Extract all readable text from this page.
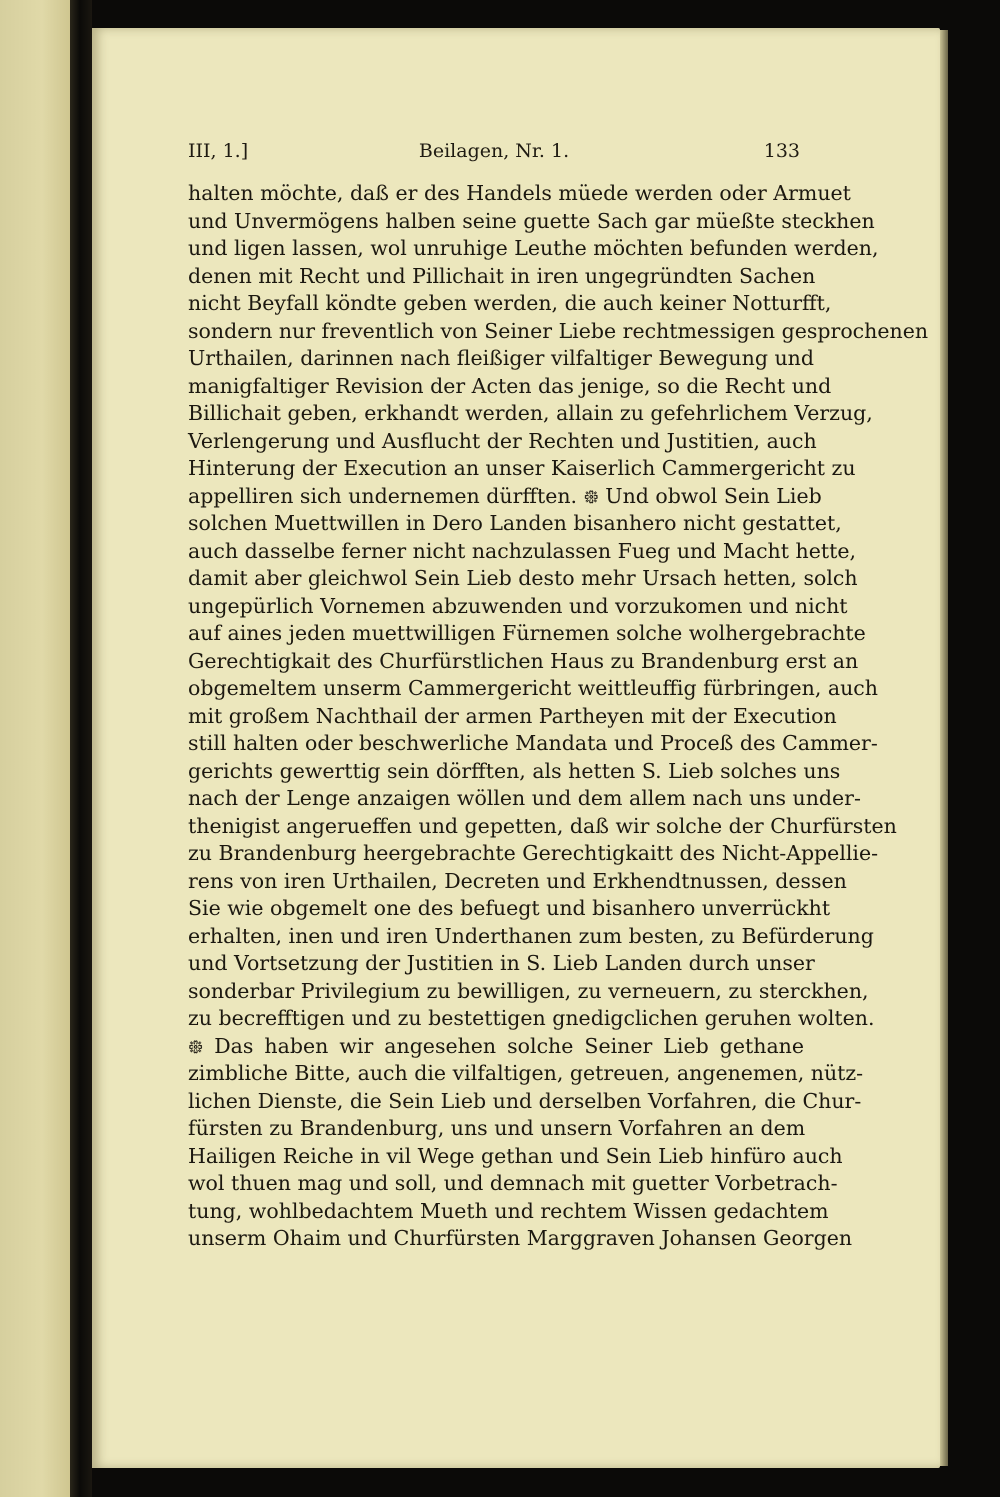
III, 1.]	Beilagen, Nr. 1.	133
halten möchte, daß er des Handels müede werden oder Armuet
und Unvermögens halben seine guette Sach gar müeßte steckhen
und ligen lassen, wol unruhige Leuthe möchten befunden werden,
denen mit Recht und Pillichait in iren ungegründten Sachen
nicht Beyfall köndte geben werden, die auch keiner Notturfft,
sondern nur freventlich von Seiner Liebe rechtmessigen gesprochenen
Urthailen, darinnen nach fleißiger vilfaltiger Bewegung und
manigfaltiger Revision der Acten das jenige, so die Recht und
Billichait geben, erkhandt werden, allain zu gefehrlichem Verzug,
Verlengerung und Ausflucht der Rechten und Justitien, auch
Hinterung der Execution an unser Kaiserlich Cammergericht zu
appelliren sich undernemen dürfften. ᪥ Und obwol Sein Lieb
solchen Muettwillen in Dero Landen bisanhero nicht gestattet,
auch dasselbe ferner nicht nachzulassen Fueg und Macht hette,
damit aber gleichwol Sein Lieb desto mehr Ursach hetten, solch
ungepürlich Vornemen abzuwenden und vorzukomen und nicht
auf aines jeden muettwilligen Fürnemen solche wolhergebrachte
Gerechtigkait des Churfürstlichen Haus zu Brandenburg erst an
obgemeltem unserm Cammergericht weittleuffig fürbringen, auch
mit großem Nachthail der armen Partheyen mit der Execution
still halten oder beschwerliche Mandata und Proceß des Cammer-
gerichts gewerttig sein dörfften, als hetten S. Lieb solches uns
nach der Lenge anzaigen wöllen und dem allem nach uns under-
thenigist angerueffen und gepetten, daß wir solche der Churfürsten
zu Brandenburg heergebrachte Gerechtigkaitt des Nicht-Appellie-
rens von iren Urthailen, Decreten und Erkhendtnussen, dessen
Sie wie obgemelt one des befuegt und bisanhero unverrückht
erhalten, inen und iren Underthanen zum besten, zu Befürderung
und Vortsetzung der Justitien in S. Lieb Landen durch unser
sonderbar Privilegium zu bewilligen, zu verneuern, zu sterckhen,
zu becrefftigen und zu bestettigen gnedigclichen geruhen wolten.
᪥ Das haben wir angesehen solche Seiner Lieb gethane
zimbliche Bitte, auch die vilfaltigen, getreuen, angenemen, nütz-
lichen Dienste, die Sein Lieb und derselben Vorfahren, die Chur-
fürsten zu Brandenburg, uns und unsern Vorfahren an dem
Hailigen Reiche in vil Wege gethan und Sein Lieb hinfüro auch
wol thuen mag und soll, und demnach mit guetter Vorbetrach-
tung, wohlbedachtem Mueth und rechtem Wissen gedachtem
unserm Ohaim und Churfürsten Marggraven Johansen Georgen
